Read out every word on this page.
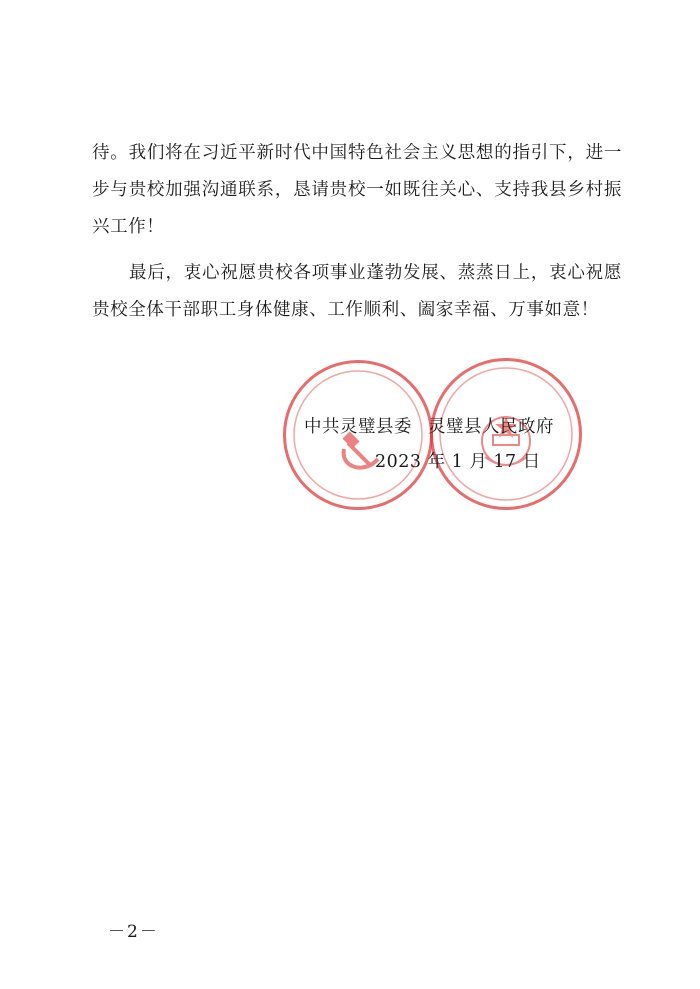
待。我们将在习近平新时代中国特色社会主义思想的指引下，进一步与贵校加强沟通联系，恳请贵校一如既往关心、支持我县乡村振兴工作！

最后，衷心祝愿贵校各项事业蓬勃发展、蒸蒸日上，衷心祝愿贵校全体干部职工身体健康、工作顺利、阖家幸福、万事如意！

中共灵璧县委 灵璧县人民政府
2023 年 1 月 17 日
－2－
